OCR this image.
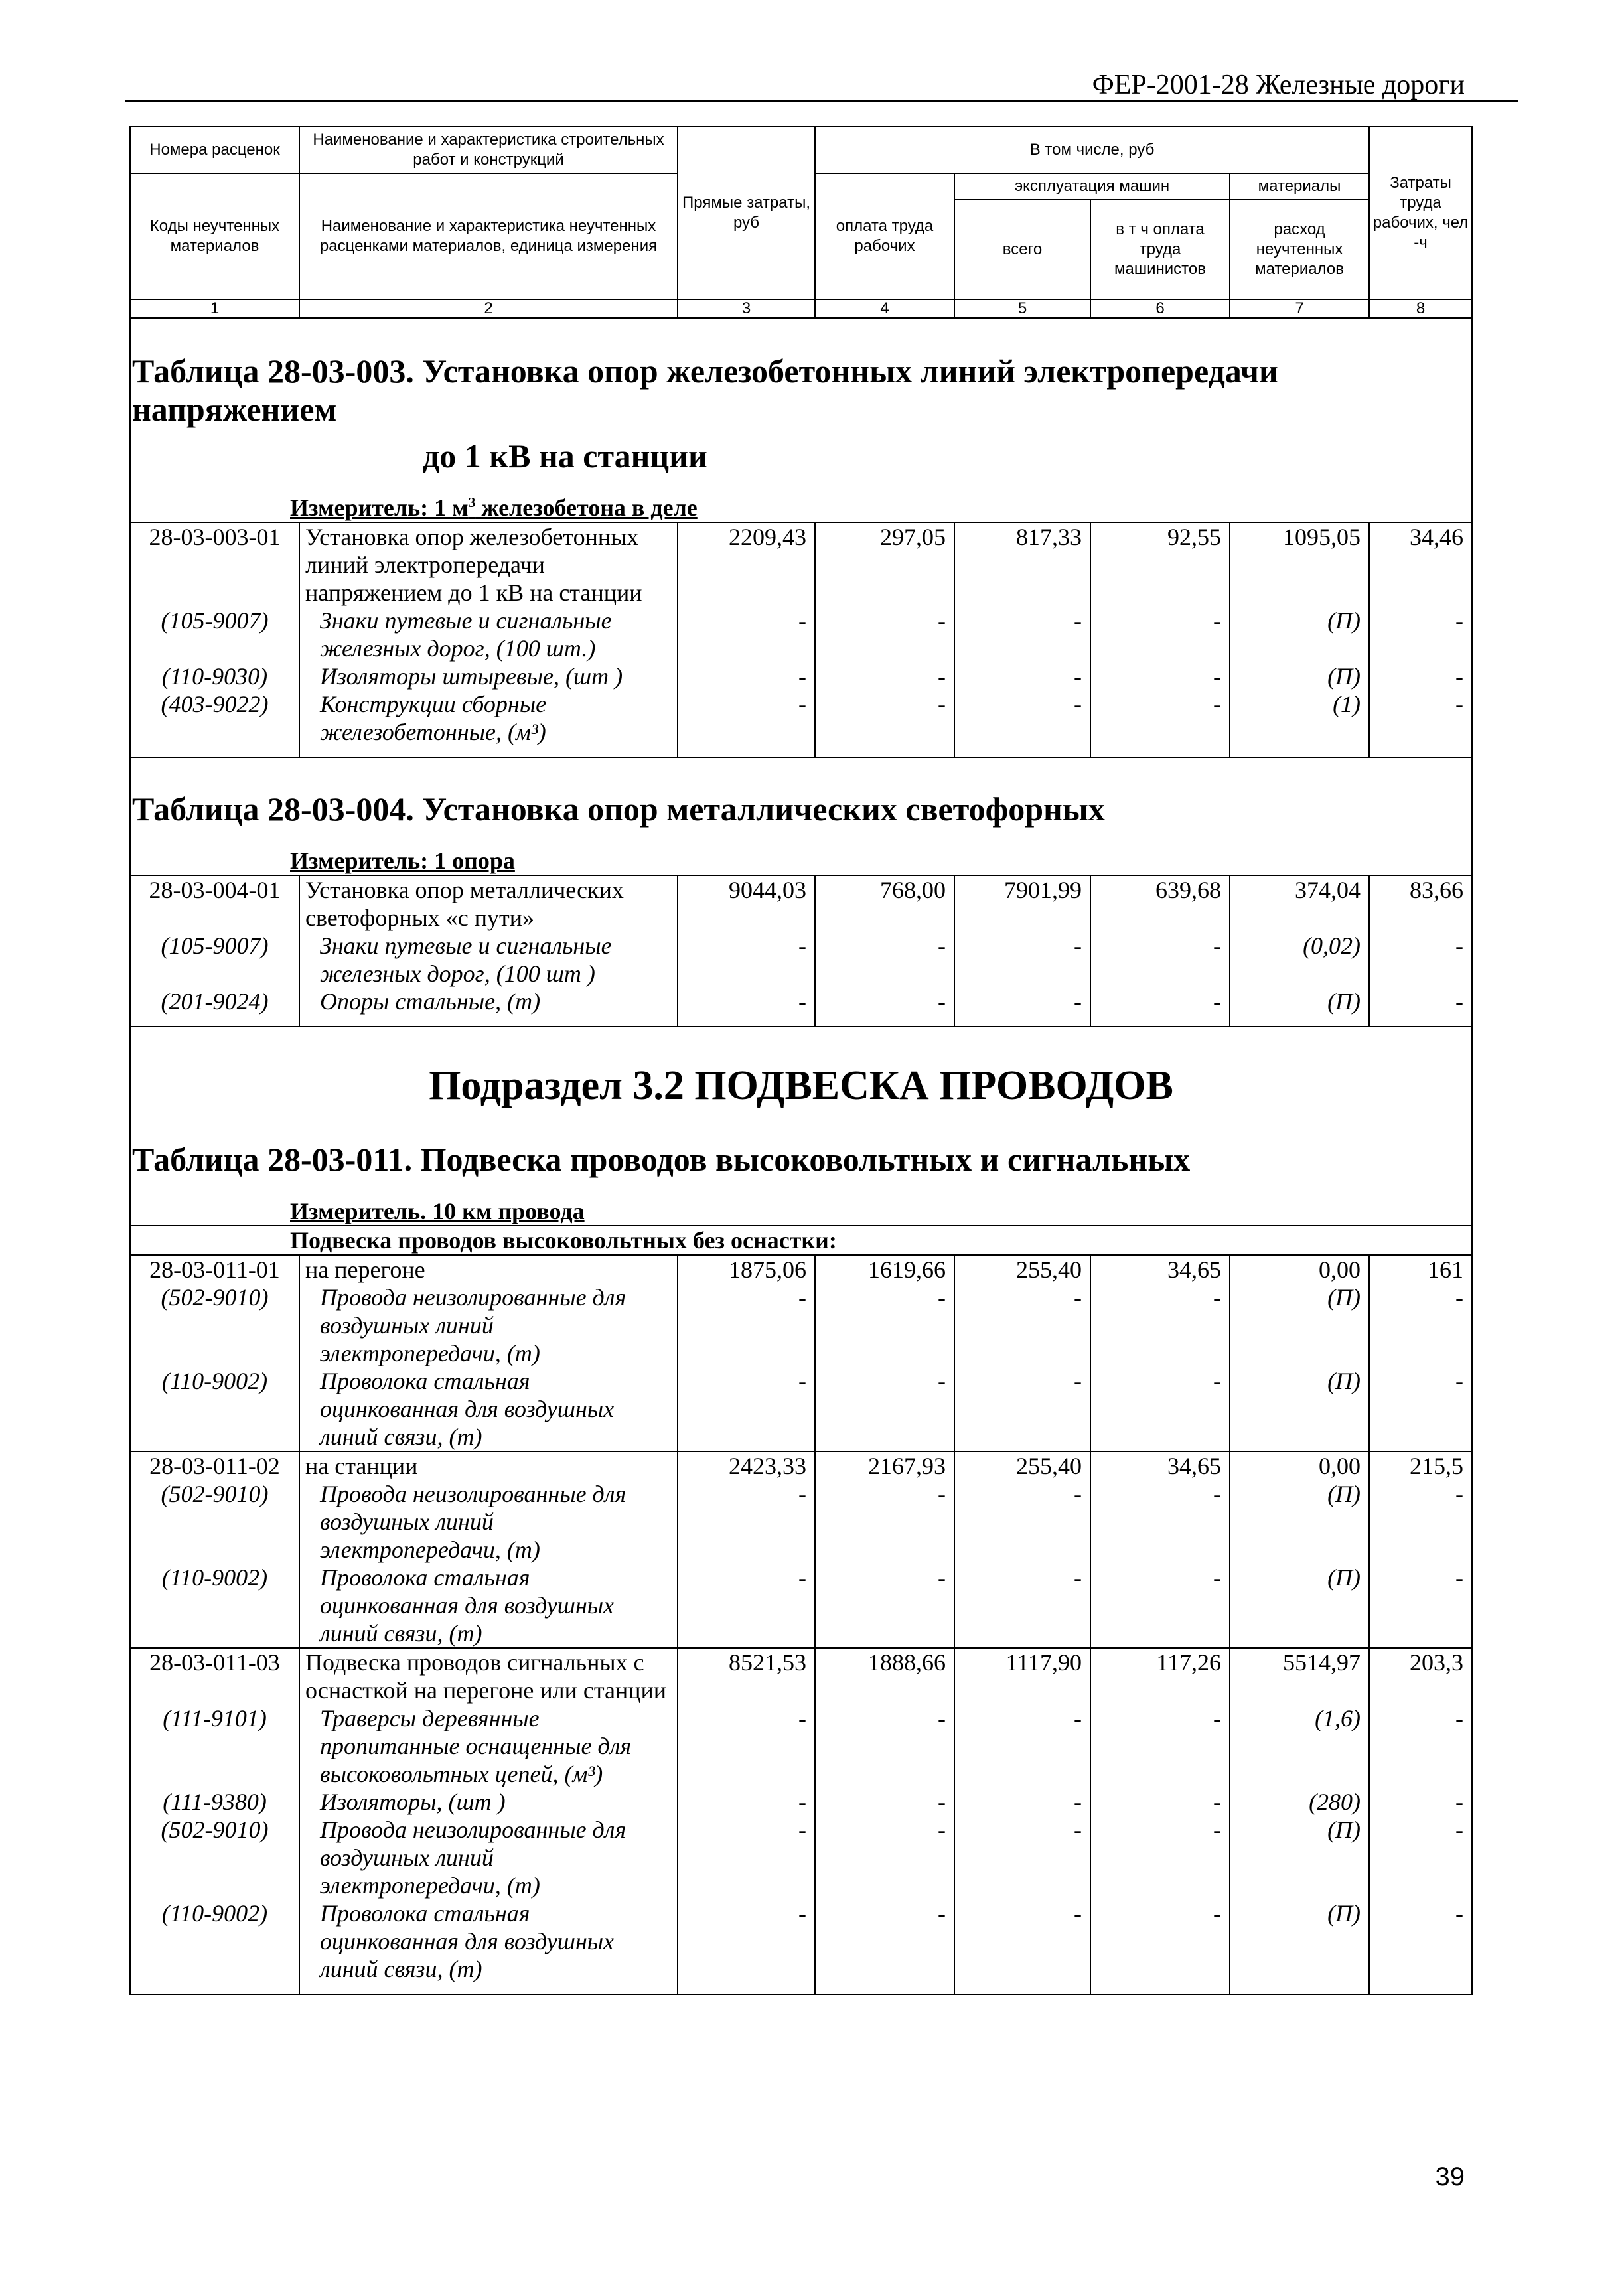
ФЕР-2001-28 Железные дороги
Номера расценок	Наименование и характеристика строительных работ и конструкций	Прямые затраты, руб	В том числе, руб				Затраты труда рабочих, чел -ч
Коды неучтенных материалов	Наименование и характеристика неучтенных расценками материалов, единица измерения		оплата труда рабочих	эксплуатация машин		материалы	
				всего	в т ч оплата труда машинистов	расход неучтенных материалов	
1	2	3	4	5	6	7	8
Таблица 28-03-003. Установка опор железобетонных линий электропередачи напряжением							
до 1 кВ на станции							
Измеритель: 1 $м^3$ железобетона в деле							
28-03-003-01	Установка опор железобетонных линий электропередачи напряжением до 1 кВ на станции	2209,43	297,05	817,33	92,55	1095,05	34,46
(105-9007)	Знаки путевые и сигнальные железных дорог, (100 шт.)	-	-	-	-	(П)	-
(110-9030)	Изоляторы штыревые, (шт )	-	-	-	-	(П)	-
(403-9022)	Конструкции сборные железобетонные, (м³)	-	-	-	-	(1)	-

Таблица 28-03-004. Установка опор металлических светофорных							
Измеритель: 1 опора							
28-03-004-01	Установка опор металлических светофорных «с пути»	9044,03	768,00	7901,99	639,68	374,04	83,66
(105-9007)	Знаки путевые и сигнальные железных дорог, (100 шт )	-	-	-	-	(0,02)	-
(201-9024)	Опоры стальные, (т)	-	-	-	-	(П)	-

Подраздел 3.2 ПОДВЕСКА ПРОВОДОВ							
Таблица 28-03-011. Подвеска проводов высоковольтных и сигнальных							
Измеритель. 10 км провода							
Подвеска проводов высоковольтных без оснастки:							
28-03-011-01	на перегоне	1875,06	1619,66	255,40	34,65	0,00	161
(502-9010)	Провода неизолированные для воздушных линий электропередачи, (т)	-	-	-	-	(П)	-
(110-9002)	Проволока стальная оцинкованная для воздушных линий связи, (т)	-	-	-	-	(П)	-
28-03-011-02	на станции	2423,33	2167,93	255,40	34,65	0,00	215,5
(502-9010)	Провода неизолированные для воздушных линий электропередачи, (т)	-	-	-	-	(П)	-
(110-9002)	Проволока стальная оцинкованная для воздушных линий связи, (т)	-	-	-	-	(П)	-
28-03-011-03	Подвеска проводов сигнальных с оснасткой на перегоне или станции	8521,53	1888,66	1117,90	117,26	5514,97	203,3
(111-9101)	Траверсы деревянные пропитанные оснащенные для высоковольтных цепей, (м³)	-	-	-	-	(1,6)	-
(111-9380)	Изоляторы, (шт )	-	-	-	-	(280)	-
(502-9010)	Провода неизолированные для воздушных линий электропередачи, (т)	-	-	-	-	(П)	-
(110-9002)	Проволока стальная оцинкованная для воздушных линий связи, (т)	-	-	-	-	(П)	-

39
